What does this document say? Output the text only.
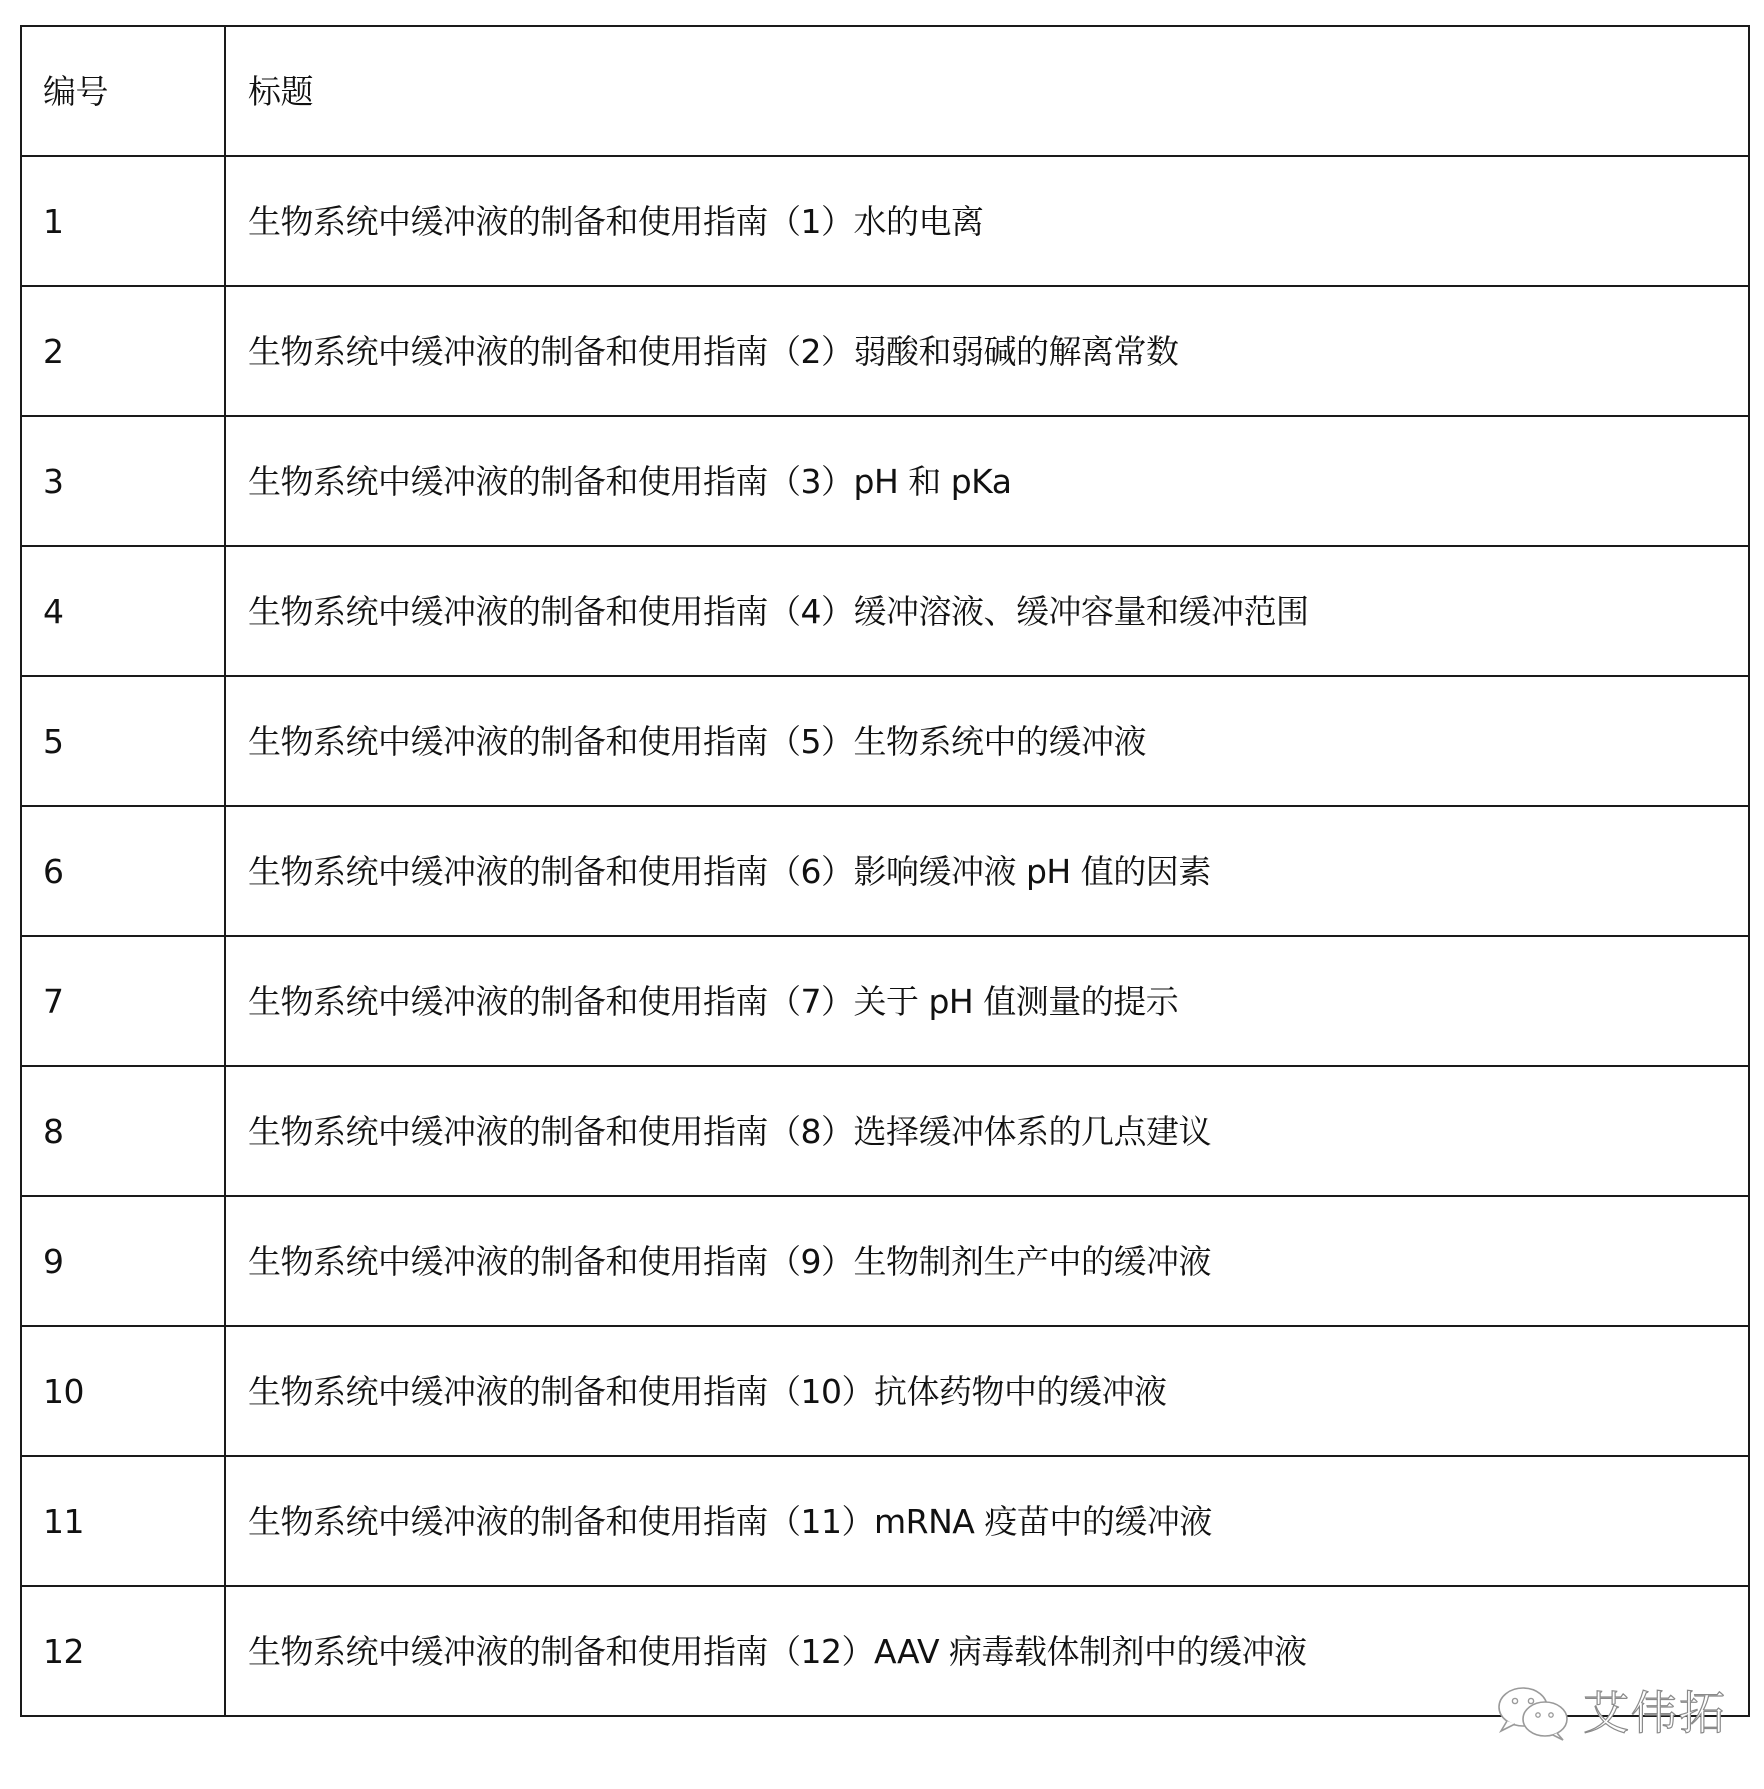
编号	标题
1	生物系统中缓冲液的制备和使用指南（1）水的电离
2	生物系统中缓冲液的制备和使用指南（2）弱酸和弱碱的解离常数
3	生物系统中缓冲液的制备和使用指南（3）pH 和 pKa
4	生物系统中缓冲液的制备和使用指南（4）缓冲溶液、缓冲容量和缓冲范围
5	生物系统中缓冲液的制备和使用指南（5）生物系统中的缓冲液
6	生物系统中缓冲液的制备和使用指南（6）影响缓冲液 pH 值的因素
7	生物系统中缓冲液的制备和使用指南（7）关于 pH 值测量的提示
8	生物系统中缓冲液的制备和使用指南（8）选择缓冲体系的几点建议
9	生物系统中缓冲液的制备和使用指南（9）生物制剂生产中的缓冲液
10	生物系统中缓冲液的制备和使用指南（10）抗体药物中的缓冲液
11	生物系统中缓冲液的制备和使用指南（11）mRNA 疫苗中的缓冲液
12	生物系统中缓冲液的制备和使用指南（12）AAV 病毒载体制剂中的缓冲液
艾伟拓
